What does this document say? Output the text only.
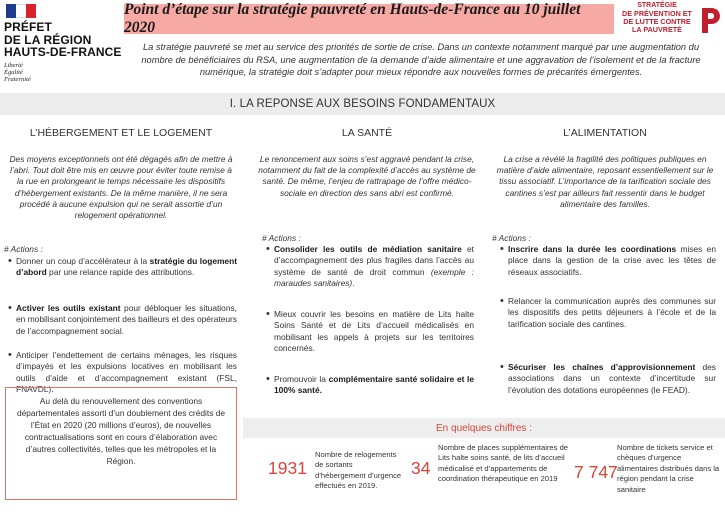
PRÉFET
DE LA RÉGION
HAUTS-DE-FRANCE
Liberté
Égalité
Fraternité
Point d’étape sur la stratégie pauvreté en Hauts-de-France au 10 juillet 2020
STRATÉGIE
DE PRÉVENTION ET
DE LUTTE CONTRE
LA PAUVRETÉ
La stratégie pauvreté se met au service des priorités de sortie de crise. Dans un contexte notamment marqué par une augmentation du nombre de bénéficiaires du RSA, une augmentation de la demande d’aide alimentaire et une aggravation de l’isolement et de la fracture numérique, la stratégie doit s’adapter pour mieux répondre aux nouvelles formes de précarités émergentes.
I. LA REPONSE AUX BESOINS FONDAMENTAUX
L’HÉBERGEMENT ET LE LOGEMENT
Des moyens exceptionnels ont été dégagés afin de mettre à l’abri. Tout doit être mis en œuvre pour éviter toute remise à la rue en prolongeant le temps nécessaire les dispositifs d’hébergement existants. De la même manière, il ne sera procédé à aucune expulsion qui ne serait assortie d’un relogement opérationnel.
# Actions :
• Donner un coup d’accélérateur à la stratégie du logement d’abord par une relance rapide des attributions.
• Activer les outils existant pour débloquer les situations, en mobilisant conjointement des bailleurs et des opérateurs de l’accompagnement social.
• Anticiper l’endettement de certains ménages, les risques d’impayés et les expulsions locatives en mobilisant les outils d’aide et d’accompagnement existant (FSL, FNAVDL).
Au delà du renouvellement des conventions départementales assorti d’un doublement des crédits de l’État en 2020 (20 millions d’euros), de nouvelles contractualisations sont en cours d’élaboration avec d’autres collectivités, telles que les métropoles et la Région.
LA SANTÉ
Le renoncement aux soins s’est aggravé pendant la crise, notamment du fait de la complexité d’accès au système de santé. De même, l’enjeu de rattrapage de l’offre médico-sociale en direction des sans abri est confirmé.
# Actions :
• Consolider les outils de médiation sanitaire et d’accompagnement des plus fragiles dans l’accès au système de santé de droit commun (exemple : maraudes sanitaires).
• Mieux couvrir les besoins en matière de Lits halte Soins Santé et de Lits d’accueil médicalisés en mobilisant les appels à projets sur les territoires concernés.
• Promouvoir la complémentaire santé solidaire et le 100% santé.
L’ALIMENTATION
La crise a révélé la fragilité des politiques publiques en matière d’aide alimentaire, reposant essentiellement sur le tissu associatif. L’importance de la tarification sociale des cantines s’est par ailleurs fait ressentir dans le budget alimentaire des familles.
# Actions :
• Inscrire dans la durée les coordinations mises en place dans la gestion de la crise avec les têtes de réseaux associatifs.
• Relancer la communication auprès des communes sur les dispositifs des petits déjeuners à l’école et de la tarification sociale des cantines.
• Sécuriser les chaînes d’approvisionnement des associations dans un contexte d’incertitude sur l’évolution des dotations européennes (le FEAD).
En quelques chiffres :
1931
Nombre de relogements de sortants d’hébergement d’urgence effectués en 2019.
34
Nombre de places supplémentaires de Lits halte soins santé, de lits d’accueil médicalisé et d’appartements de coordination thérapeutique en 2019 7 747
Nombre de tickets service et chèques d’urgence alimentaires distribués dans la région pendant la crise sanitaire
